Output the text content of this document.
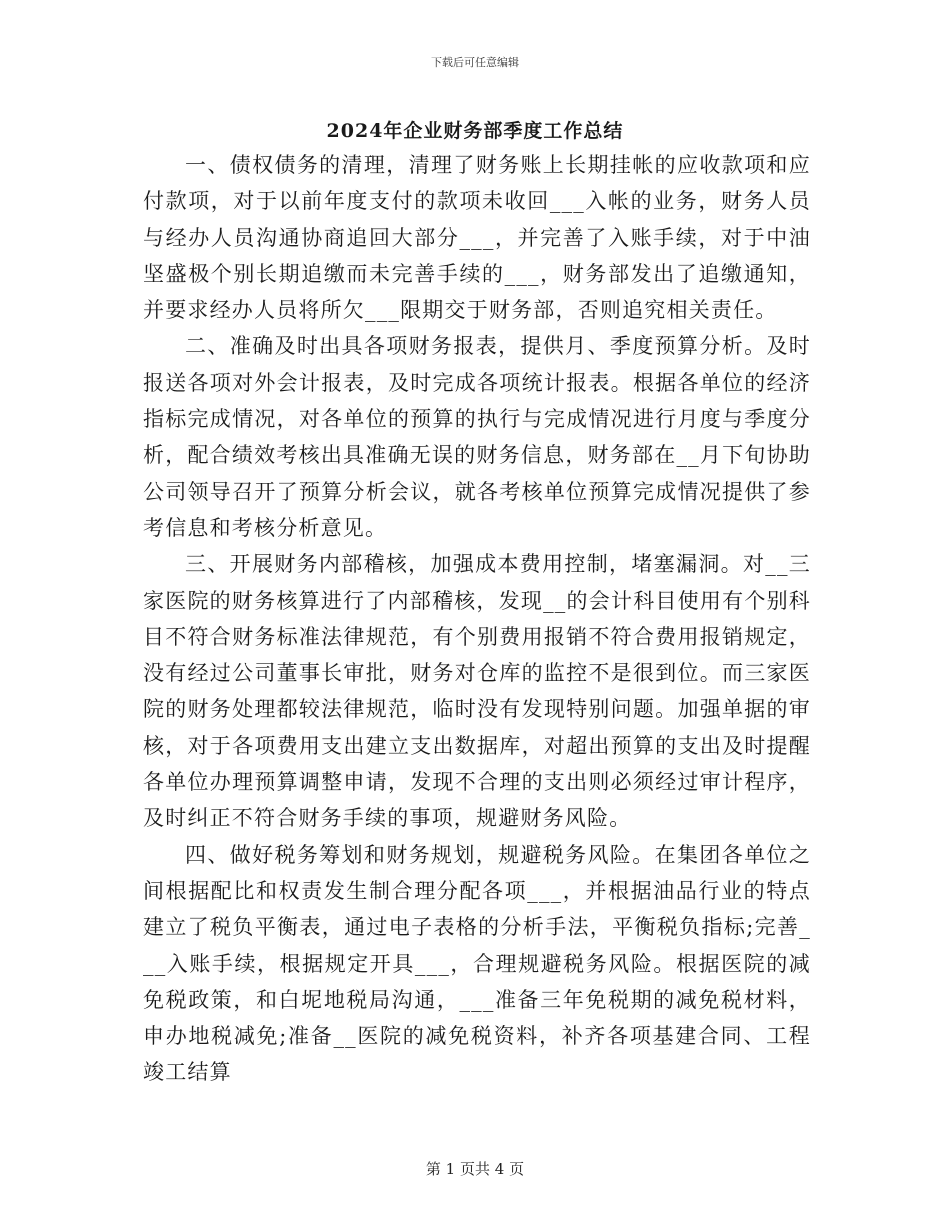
下载后可任意编辑
2024年企业财务部季度工作总结

一、债权债务的清理，清理了财务账上长期挂帐的应收款项和应付款项，对于以前年度支付的款项未收回___入帐的业务，财务人员与经办人员沟通协商追回大部分___，并完善了入账手续，对于中油坚盛极个别长期追缴而未完善手续的___，财务部发出了追缴通知，并要求经办人员将所欠___限期交于财务部，否则追究相关责任。

二、准确及时出具各项财务报表，提供月、季度预算分析。及时报送各项对外会计报表，及时完成各项统计报表。根据各单位的经济指标完成情况，对各单位的预算的执行与完成情况进行月度与季度分析，配合绩效考核出具准确无误的财务信息，财务部在__月下旬协助公司领导召开了预算分析会议，就各考核单位预算完成情况提供了参考信息和考核分析意见。

三、开展财务内部稽核，加强成本费用控制，堵塞漏洞。对__三家医院的财务核算进行了内部稽核，发现__的会计科目使用有个别科目不符合财务标准法律规范，有个别费用报销不符合费用报销规定，没有经过公司董事长审批，财务对仓库的监控不是很到位。而三家医院的财务处理都较法律规范，临时没有发现特别问题。加强单据的审核，对于各项费用支出建立支出数据库，对超出预算的支出及时提醒各单位办理预算调整申请，发现不合理的支出则必须经过审计程序，及时纠正不符合财务手续的事项，规避财务风险。

四、做好税务筹划和财务规划，规避税务风险。在集团各单位之间根据配比和权责发生制合理分配各项___，并根据油品行业的特点建立了税负平衡表，通过电子表格的分析手法，平衡税负指标;完善___入账手续，根据规定开具___，合理规避税务风险。根据医院的减免税政策，和白坭地税局沟通，___准备三年免税期的减免税材料，申办地税减免;准备__医院的减免税资料，补齐各项基建合同、工程竣工结算

第 1 页共 4 页
